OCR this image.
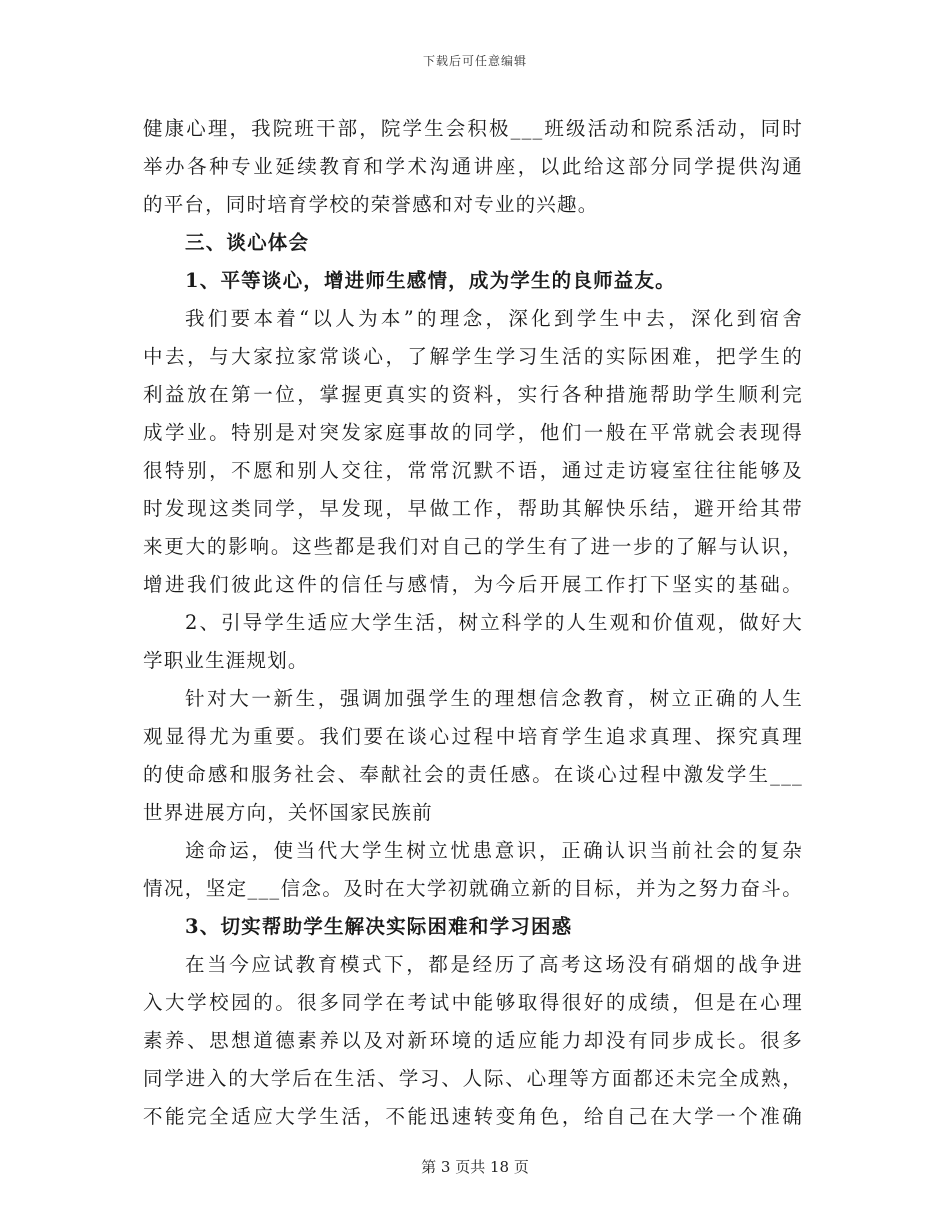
下载后可任意编辑
健康心理，我院班干部，院学生会积极___班级活动和院系活动，同时
举办各种专业延续教育和学术沟通讲座，以此给这部分同学提供沟通
的平台，同时培育学校的荣誉感和对专业的兴趣。
三、谈心体会
1、平等谈心，增进师生感情，成为学生的良师益友。
我们要本着“以人为本”的理念，深化到学生中去，深化到宿舍
中去，与大家拉家常谈心，了解学生学习生活的实际困难，把学生的
利益放在第一位，掌握更真实的资料，实行各种措施帮助学生顺利完
成学业。特别是对突发家庭事故的同学，他们一般在平常就会表现得
很特别，不愿和别人交往，常常沉默不语，通过走访寝室往往能够及
时发现这类同学，早发现，早做工作，帮助其解快乐结，避开给其带
来更大的影响。这些都是我们对自己的学生有了进一步的了解与认识，
增进我们彼此这件的信任与感情，为今后开展工作打下坚实的基础。
2、引导学生适应大学生活，树立科学的人生观和价值观，做好大
学职业生涯规划。
针对大一新生，强调加强学生的理想信念教育，树立正确的人生
观显得尤为重要。我们要在谈心过程中培育学生追求真理、探究真理
的使命感和服务社会、奉献社会的责任感。在谈心过程中激发学生___
世界进展方向，关怀国家民族前
途命运，使当代大学生树立忧患意识，正确认识当前社会的复杂
情况，坚定___信念。及时在大学初就确立新的目标，并为之努力奋斗。
3、切实帮助学生解决实际困难和学习困惑
在当今应试教育模式下，都是经历了高考这场没有硝烟的战争进
入大学校园的。很多同学在考试中能够取得很好的成绩，但是在心理
素养、思想道德素养以及对新环境的适应能力却没有同步成长。很多
同学进入的大学后在生活、学习、人际、心理等方面都还未完全成熟，
不能完全适应大学生活，不能迅速转变角色，给自己在大学一个准确
第 3 页共 18 页
